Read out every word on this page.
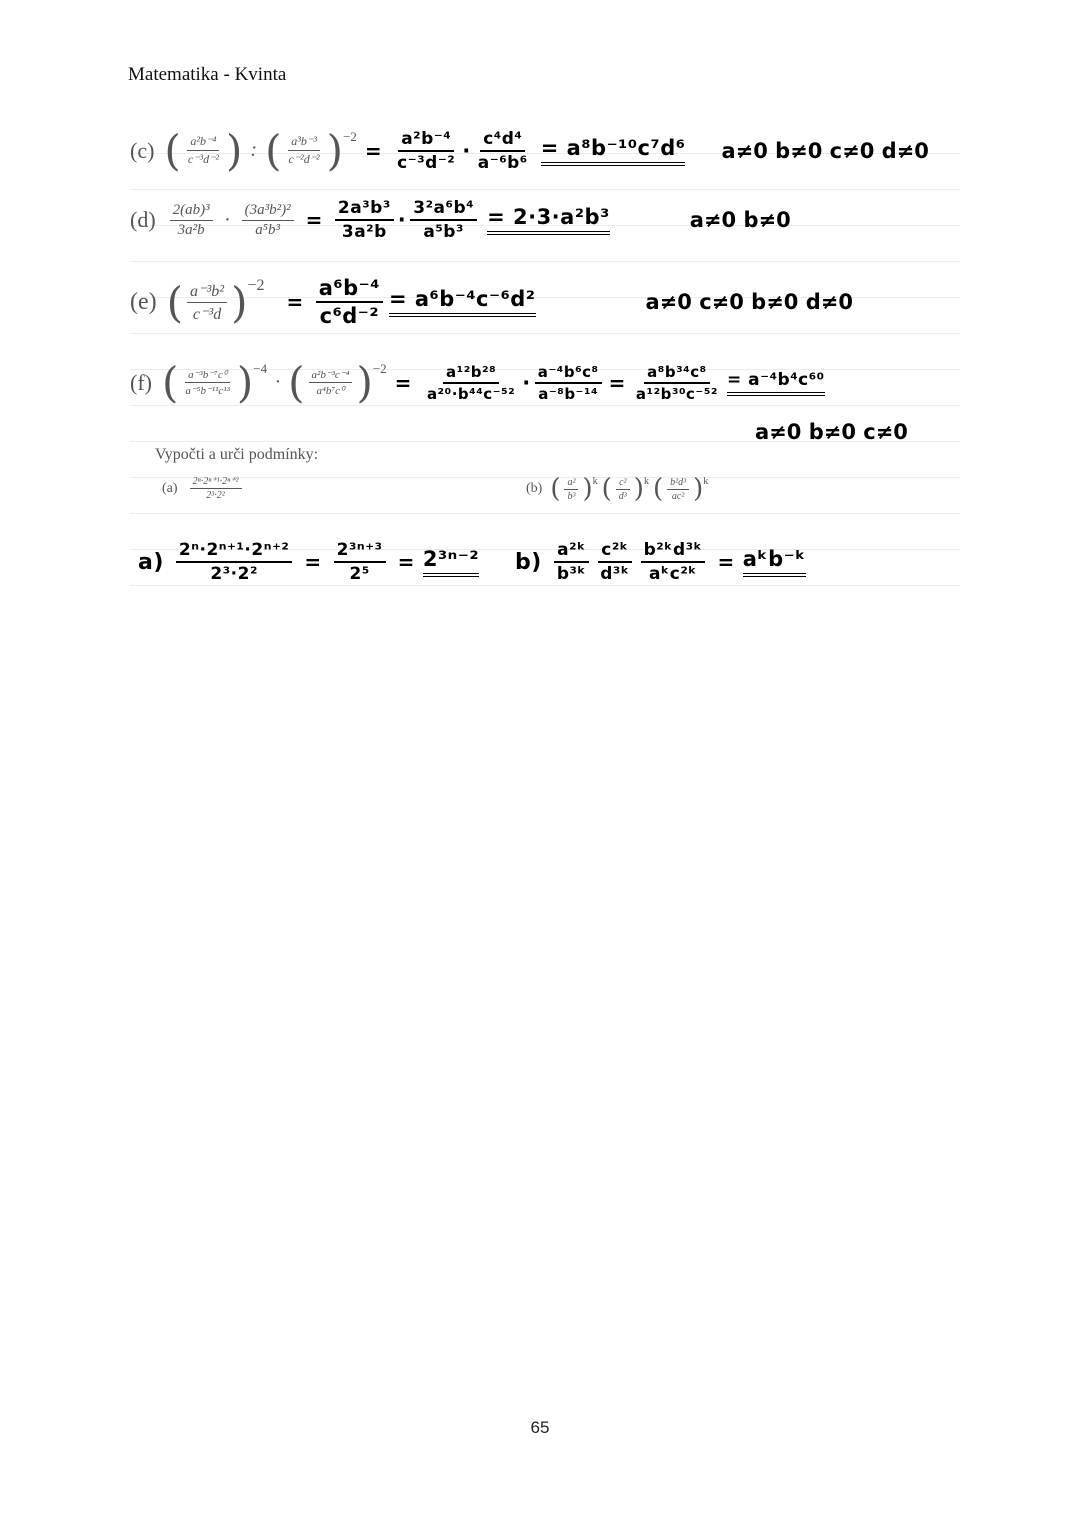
Matematika - Kvinta
(c) ( $\frac{\text{a²b⁻⁴}}{\text{c⁻³d⁻²}}$ ) : ( $\frac{\text{a³b⁻³}}{\text{c⁻²d⁻²}}$ ) −2
= $\frac{\text{a²b⁻⁴}}{\text{c⁻³d⁻²}} \cdot \frac{\text{c⁴d⁴}}{\text{a⁻⁶b⁶}} = a^8b^{-10}c^7d^6$ a≠0 b≠0 c≠0 d≠0
$(d) \frac{\text{2(ab)³}}{\text{3a²b}} \cdot \frac{\text{(3a³b²)²}}{\text{a⁵b³}} = \frac{\text{2a³b³}}{\text{3a²b}} \cdot \frac{\text{3²a⁶b⁴}}{\text{a⁵b³}} = 2\cdot 3\cdot a^2b^3$	a≠0 b≠0
(e) ( $\frac{\text{a⁻³b²}}{\text{c⁻³d}}$ ) −2
= $\frac{\text{a⁶b⁻⁴}}{\text{c⁶d⁻²}} = a^6b^{-4}c^{-6}d^2$	a≠0 c≠0 b≠0 d≠0
(f) ( $\frac{\text{a⁻³b⁻⁷c⁰}}{\text{a⁻⁵b⁻¹¹c¹³}}$ ) −4
· ( $\frac{\text{a²b⁻³c⁻⁴}}{\text{a⁴b⁷c⁰}}$ ) −2
= $\frac{\text{a¹²b²⁸}}{\text{a²⁰·b⁴⁴c⁻⁵²}} \cdot \frac{\text{a⁻⁴b⁶c⁸}}{\text{a⁻⁸b⁻¹⁴}} = \frac{\text{a⁸b³⁴c⁸}}{\text{a¹²b³⁰c⁻⁵²}} = a^{-4}b^4c^{60}$
a≠0 b≠0 c≠0
Vypočti a urči podmínky:
$(a) \frac{\text{2ⁿ·2ⁿ⁺¹·2ⁿ⁺²}}{\text{2³·2²}}$	(b) ( $\frac{\text{a²}}{\text{b³}}$ ) k ( $\frac{\text{c²}}{\text{d³}}$ ) k ( $\frac{\text{b²d³}}{\text{ac²}}$ ) k
$a) \frac{\text{2ⁿ·2ⁿ⁺¹·2ⁿ⁺²}}{\text{2³·2²}} = \frac{\text{2³ⁿ⁺³}}{\text{2⁵}} = 2^{3n-2}$ $b) \frac{\text{a²ᵏ}}{\text{b³ᵏ}} \frac{\text{c²ᵏ}}{\text{d³ᵏ}} \frac{\text{b²ᵏd³ᵏ}}{\text{aᵏc²ᵏ}}$ = aᵏb⁻ᵏ
65
